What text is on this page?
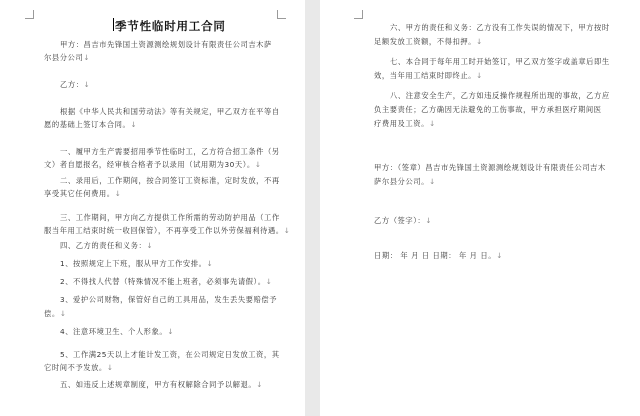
季节性临时用工合同
甲方：昌吉市先锋国土资源测绘规划设计有限责任公司吉木萨
尔县分公司↓
乙方：↓
根据《中华人民共和国劳动法》等有关规定，甲乙双方在平等自
愿的基础上签订本合同。↓
一、履甲方生产需要招用季节性临时工，乙方符合招工条件（另
文）者自愿报名，经审核合格者予以录用（试用期为30天）。↓
二、录用后，工作期间，按合同签订工资标准，定时发放，不再
享受其它任何费用。↓
三、工作期间，甲方向乙方提供工作所需的劳动防护用品（工作
服当年用工结束时统一收回保管），不再享受工作以外劳保福利待遇。↓
四、乙方的责任和义务：↓
1、按照规定上下班，服从甲方工作安排。↓
2、不得找人代替（特殊情况不能上班者，必须事先请假）。↓
3、爱护公司财物，保管好自己的工具用品，发生丢失要赔偿予
偿。↓
4、注意环境卫生、个人形象。↓
5、工作满25天以上才能计发工资，在公司规定日发放工资，其
它时间不予发放。↓
五、如违反上述规章制度，甲方有权解除合同予以解退。↓
六、甲方的责任和义务：乙方没有工作失误的情况下，甲方按时
足额发放工资额，不得扣押。↓
七、本合同于每年用工时开始签订，甲乙双方签字或盖章后即生
效，当年用工结束时即终止。↓
八、注意安全生产，乙方如违反操作规程所出现的事故，乙方应
负主要责任；乙方确因无法避免的工伤事故，甲方承担医疗期间医
疗费用及工资。↓
甲方：（签章）昌吉市先锋国土资源测绘规划设计有限责任公司吉木
萨尔县分公司。↓
乙方（签字）：↓
日期： 年 月 日 日期： 年 月 日。↓
